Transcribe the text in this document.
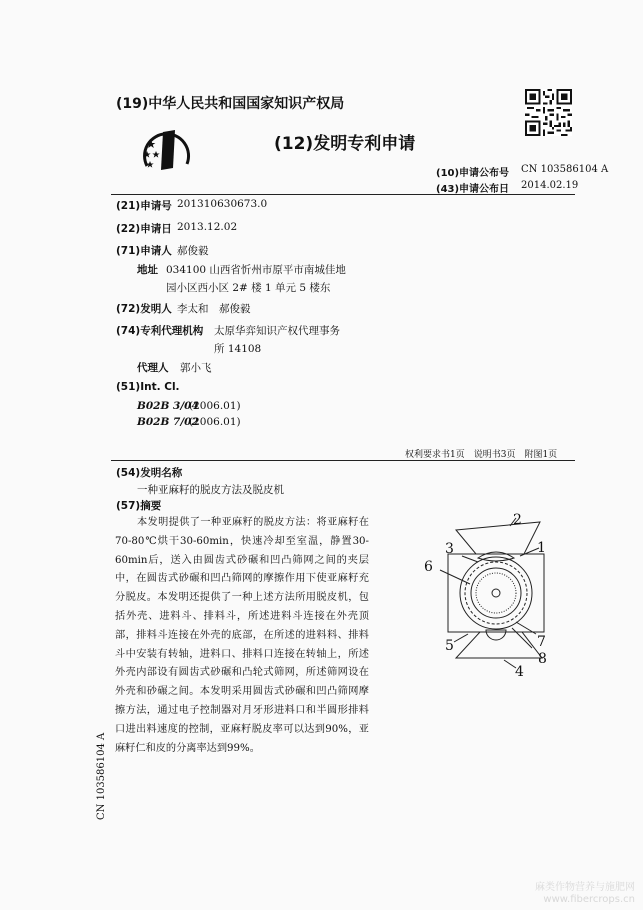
(19)中华人民共和国国家知识产权局
(12)发明专利申请
(10)申请公布号 CN 103586104 A
(43)申请公布日 2014.02.19
(21)申请号 201310630673.0
(22)申请日 2013.12.02
(71)申请人 郝俊毅
地址 034100 山西省忻州市原平市南城佳地
园小区西小区 2# 楼 1 单元 5 楼东
(72)发明人 李太和　郝俊毅
(74)专利代理机构 太原华弈知识产权代理事务
所 14108
代理人 郭小飞
(51)Int. Cl.
B02B 3/04
(2006.01)
B02B 7/02
(2006.01)
权利要求书1页　说明书3页　附图1页
(54)发明名称
一种亚麻籽的脱皮方法及脱皮机
(57)摘要

本发明提供了一种亚麻籽的脱皮方法：将亚麻籽在70-80℃烘干30-60min，快速冷却至室温，静置30-60min后，送入由圆齿式砂碾和凹凸筛网之间的夹层中，在圆齿式砂碾和凹凸筛网的摩擦作用下使亚麻籽充分脱皮。本发明还提供了一种上述方法所用脱皮机，包括外壳、进料斗、排料斗，所述进料斗连接在外壳顶部，排料斗连接在外壳的底部，在所述的进料料、排料斗中安装有转轴，进料口、排料口连接在转轴上，所述外壳内部设有圆齿式砂碾和凸轮式筛网，所述筛网设在外壳和砂碾之间。本发明采用圆齿式砂碾和凹凸筛网摩擦方法，通过电子控制器对月牙形进料口和半圆形排料口进出料速度的控制，亚麻籽脱皮率可以达到90%，亚麻籽仁和皮的分离率达到99%。

1
2
3
4
5
6
7
8
CN 103586104 A
麻类作物营养与施肥网
www.fibercrops.cn
